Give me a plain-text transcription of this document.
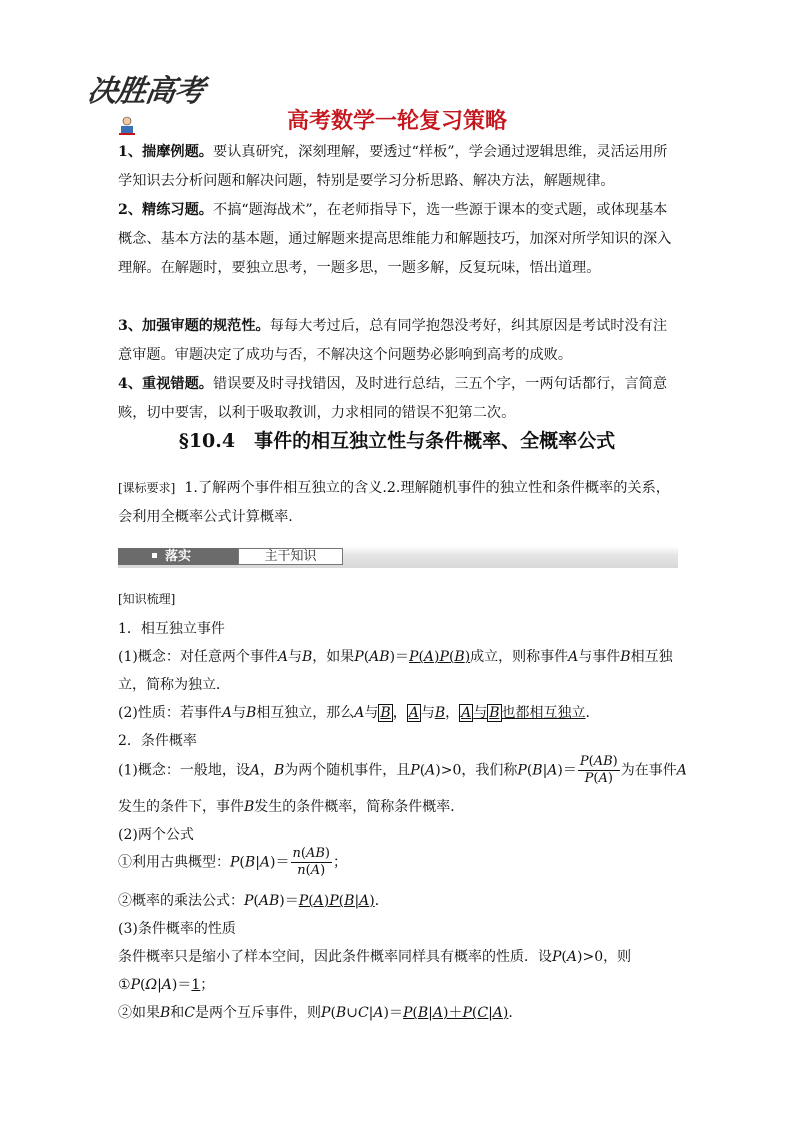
决胜高考
高考数学一轮复习策略
1、揣摩例题。要认真研究，深刻理解，要透过“样板”，学会通过逻辑思维，灵活运用所学知识去分析问题和解决问题，特别是要学习分析思路、解决方法，解题规律。
2、精练习题。不搞“题海战术”，在老师指导下，选一些源于课本的变式题，或体现基本概念、基本方法的基本题，通过解题来提高思维能力和解题技巧，加深对所学知识的深入理解。在解题时，要独立思考，一题多思，一题多解，反复玩味，悟出道理。
3、加强审题的规范性。每每大考过后，总有同学抱怨没考好，纠其原因是考试时没有注意审题。审题决定了成功与否，不解决这个问题势必影响到高考的成败。
4、重视错题。错误要及时寻找错因，及时进行总结，三五个字，一两句话都行，言简意赅，切中要害，以利于吸取教训，力求相同的错误不犯第二次。
§10.4　事件的相互独立性与条件概率、全概率公式
[课标要求] 1.了解两个事件相互独立的含义.2.理解随机事件的独立性和条件概率的关系，会利用全概率公式计算概率.
落实	主干知识
[知识梳理]
1．相互独立事件
(1)概念：对任意两个事件A与B，如果P(AB)＝P(A)P(B)成立，则称事件A与事件B相互独
立，简称为独立．
(2)性质：若事件A与B相互独立，那么A与 B ， A 与B， A 与 B 也都相互独立．
2．条件概率
(1)概念：一般地，设A，B为两个随机事件，且P(A)>0，我们称$P(B|A)= \frac{P(AB)}{P(A)}$ 为在事件A
发生的条件下，事件B发生的条件概率，简称条件概率．
(2)两个公式
①利用古典概型：$P(B|A)= \frac{n(AB)}{n(A)}$ ；
②概率的乘法公式：P(AB)＝P(A)P(B|A)．
(3)条件概率的性质
条件概率只是缩小了样本空间，因此条件概率同样具有概率的性质．设P(A)>0，则
①P(Ω|A)＝1；
②如果B和C是两个互斥事件，则P(B∪C|A)＝P(B|A)＋P(C|A)．
